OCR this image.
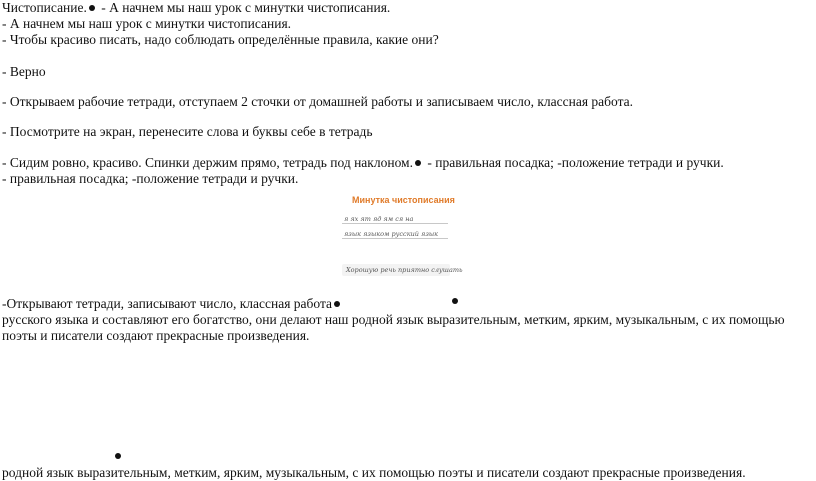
Чистописание. - А начнем мы наш урок с минутки чистописания.
- А начнем мы наш урок с минутки чистописания.
- Чтобы красиво писать, надо соблюдать определённые правила, какие они?
- Верно
- Открываем рабочие тетради, отступаем 2 сточки от домашней работы и записываем число, классная работа.
- Посмотрите на экран, перенесите слова и буквы себе в тетрадь
- Сидим ровно, красиво. Спинки держим прямо, тетрадь под наклоном. - правильная посадка; -положение тетради и ручки.
- правильная посадка; -положение тетради и ручки.
Минутка чистописания
я ях ят яд ям ся на
язык языком русский язык
Хорошую речь приятно слушать
-Открывают тетради, записывают число, классная работа
русского языка и составляют его богатство, они делают наш родной язык выразительным, метким, ярким, музыкальным, с их помощью
поэты и писатели создают прекрасные произведения.
родной язык выразительным, метким, ярким, музыкальным, с их помощью поэты и писатели создают прекрасные произведения.
